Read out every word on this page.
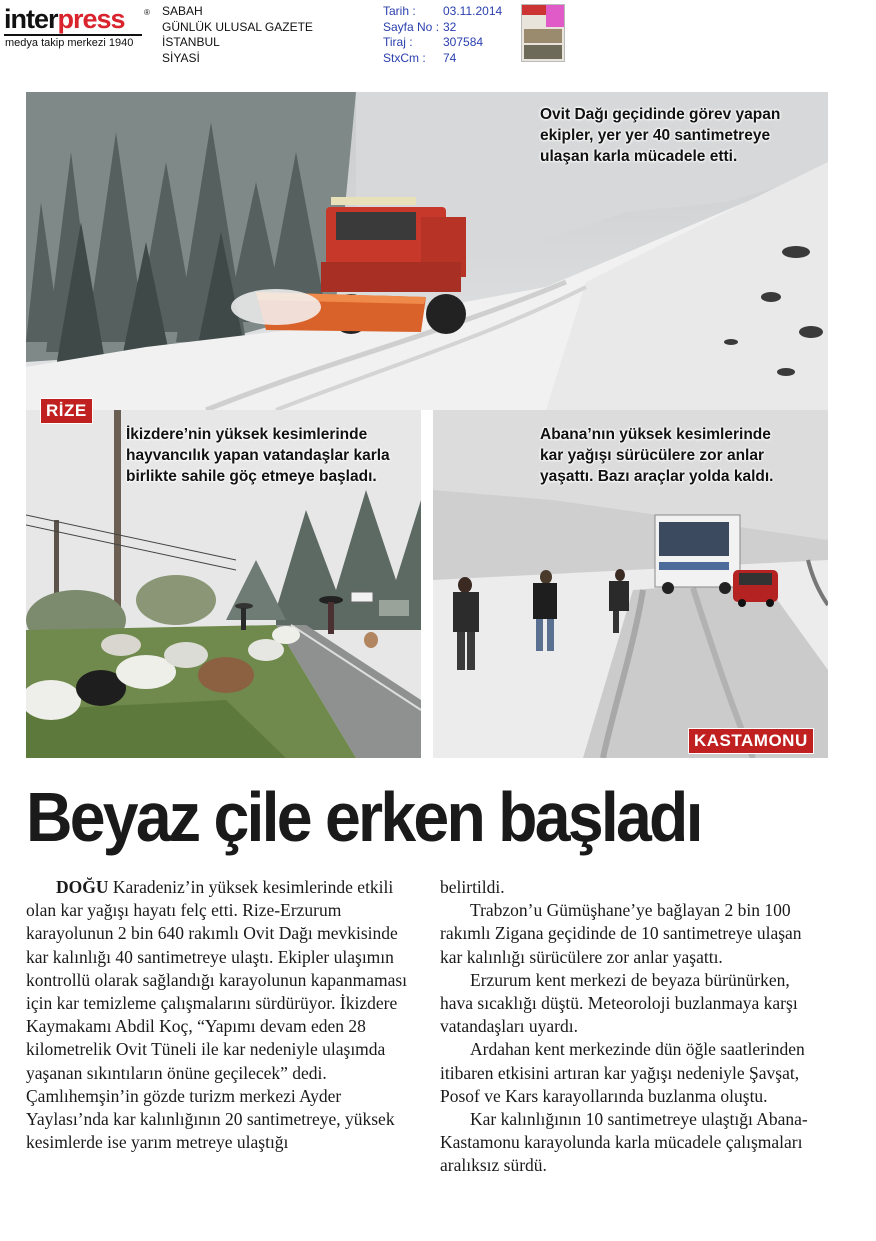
interpress ®
medya takip merkezi 1940
SABAH
GÜNLÜK ULUSAL GAZETE
İSTANBUL
SİYASİ
Tarih :	03.11.2014
Sayfa No : 32
Tiraj :	307584
StxCm :	74
Ovit Dağı geçidinde görev yapan
ekipler, yer yer 40 santimetreye
ulaşan karla mücadele etti.
İkizdere’nin yüksek kesimlerinde
hayvancılık yapan vatandaşlar karla
birlikte sahile göç etmeye başladı.
Abana’nın yüksek kesimlerinde
kar yağışı sürücülere zor anlar
yaşattı. Bazı araçlar yolda kaldı.
RİZE
KASTAMONU
Beyaz çile erken başladı

DOĞU Karadeniz’in yüksek kesimlerinde etkili olan kar yağışı hayatı felç etti. Rize-Erzurum karayolunun 2 bin 640 rakımlı Ovit Dağı mevkisinde kar kalınlığı 40 santimetreye ulaştı. Ekipler ulaşımın kontrollü olarak sağlandığı karayolunun kapanmaması için kar temizleme çalışmalarını sürdürüyor. İkizdere Kaymakamı Abdil Koç, “Yapımı devam eden 28 kilometrelik Ovit Tüneli ile kar nedeniyle ulaşımda yaşanan sıkıntıların önüne geçilecek” dedi. Çamlıhemşin’in gözde turizm merkezi Ayder Yaylası’nda kar kalınlığının 20 santimetreye, yüksek kesimlerde ise yarım metreye ulaştığı

belirtildi.

Trabzon’u Gümüşhane’ye bağlayan 2 bin 100 rakımlı Zigana geçidinde de 10 santimetreye ulaşan kar kalınlığı sürücülere zor anlar yaşattı.

Erzurum kent merkezi de beyaza bürünürken, hava sıcaklığı düştü. Meteoroloji buzlanmaya karşı vatandaşları uyardı.

Ardahan kent merkezinde dün öğle saatlerinden itibaren etkisini artıran kar yağışı nedeniyle Şavşat, Posof ve Kars karayollarında buzlanma oluştu.

Kar kalınlığının 10 santimetreye ulaştığı Abana-Kastamonu karayolunda karla mücadele çalışmaları aralıksız sürdü.
